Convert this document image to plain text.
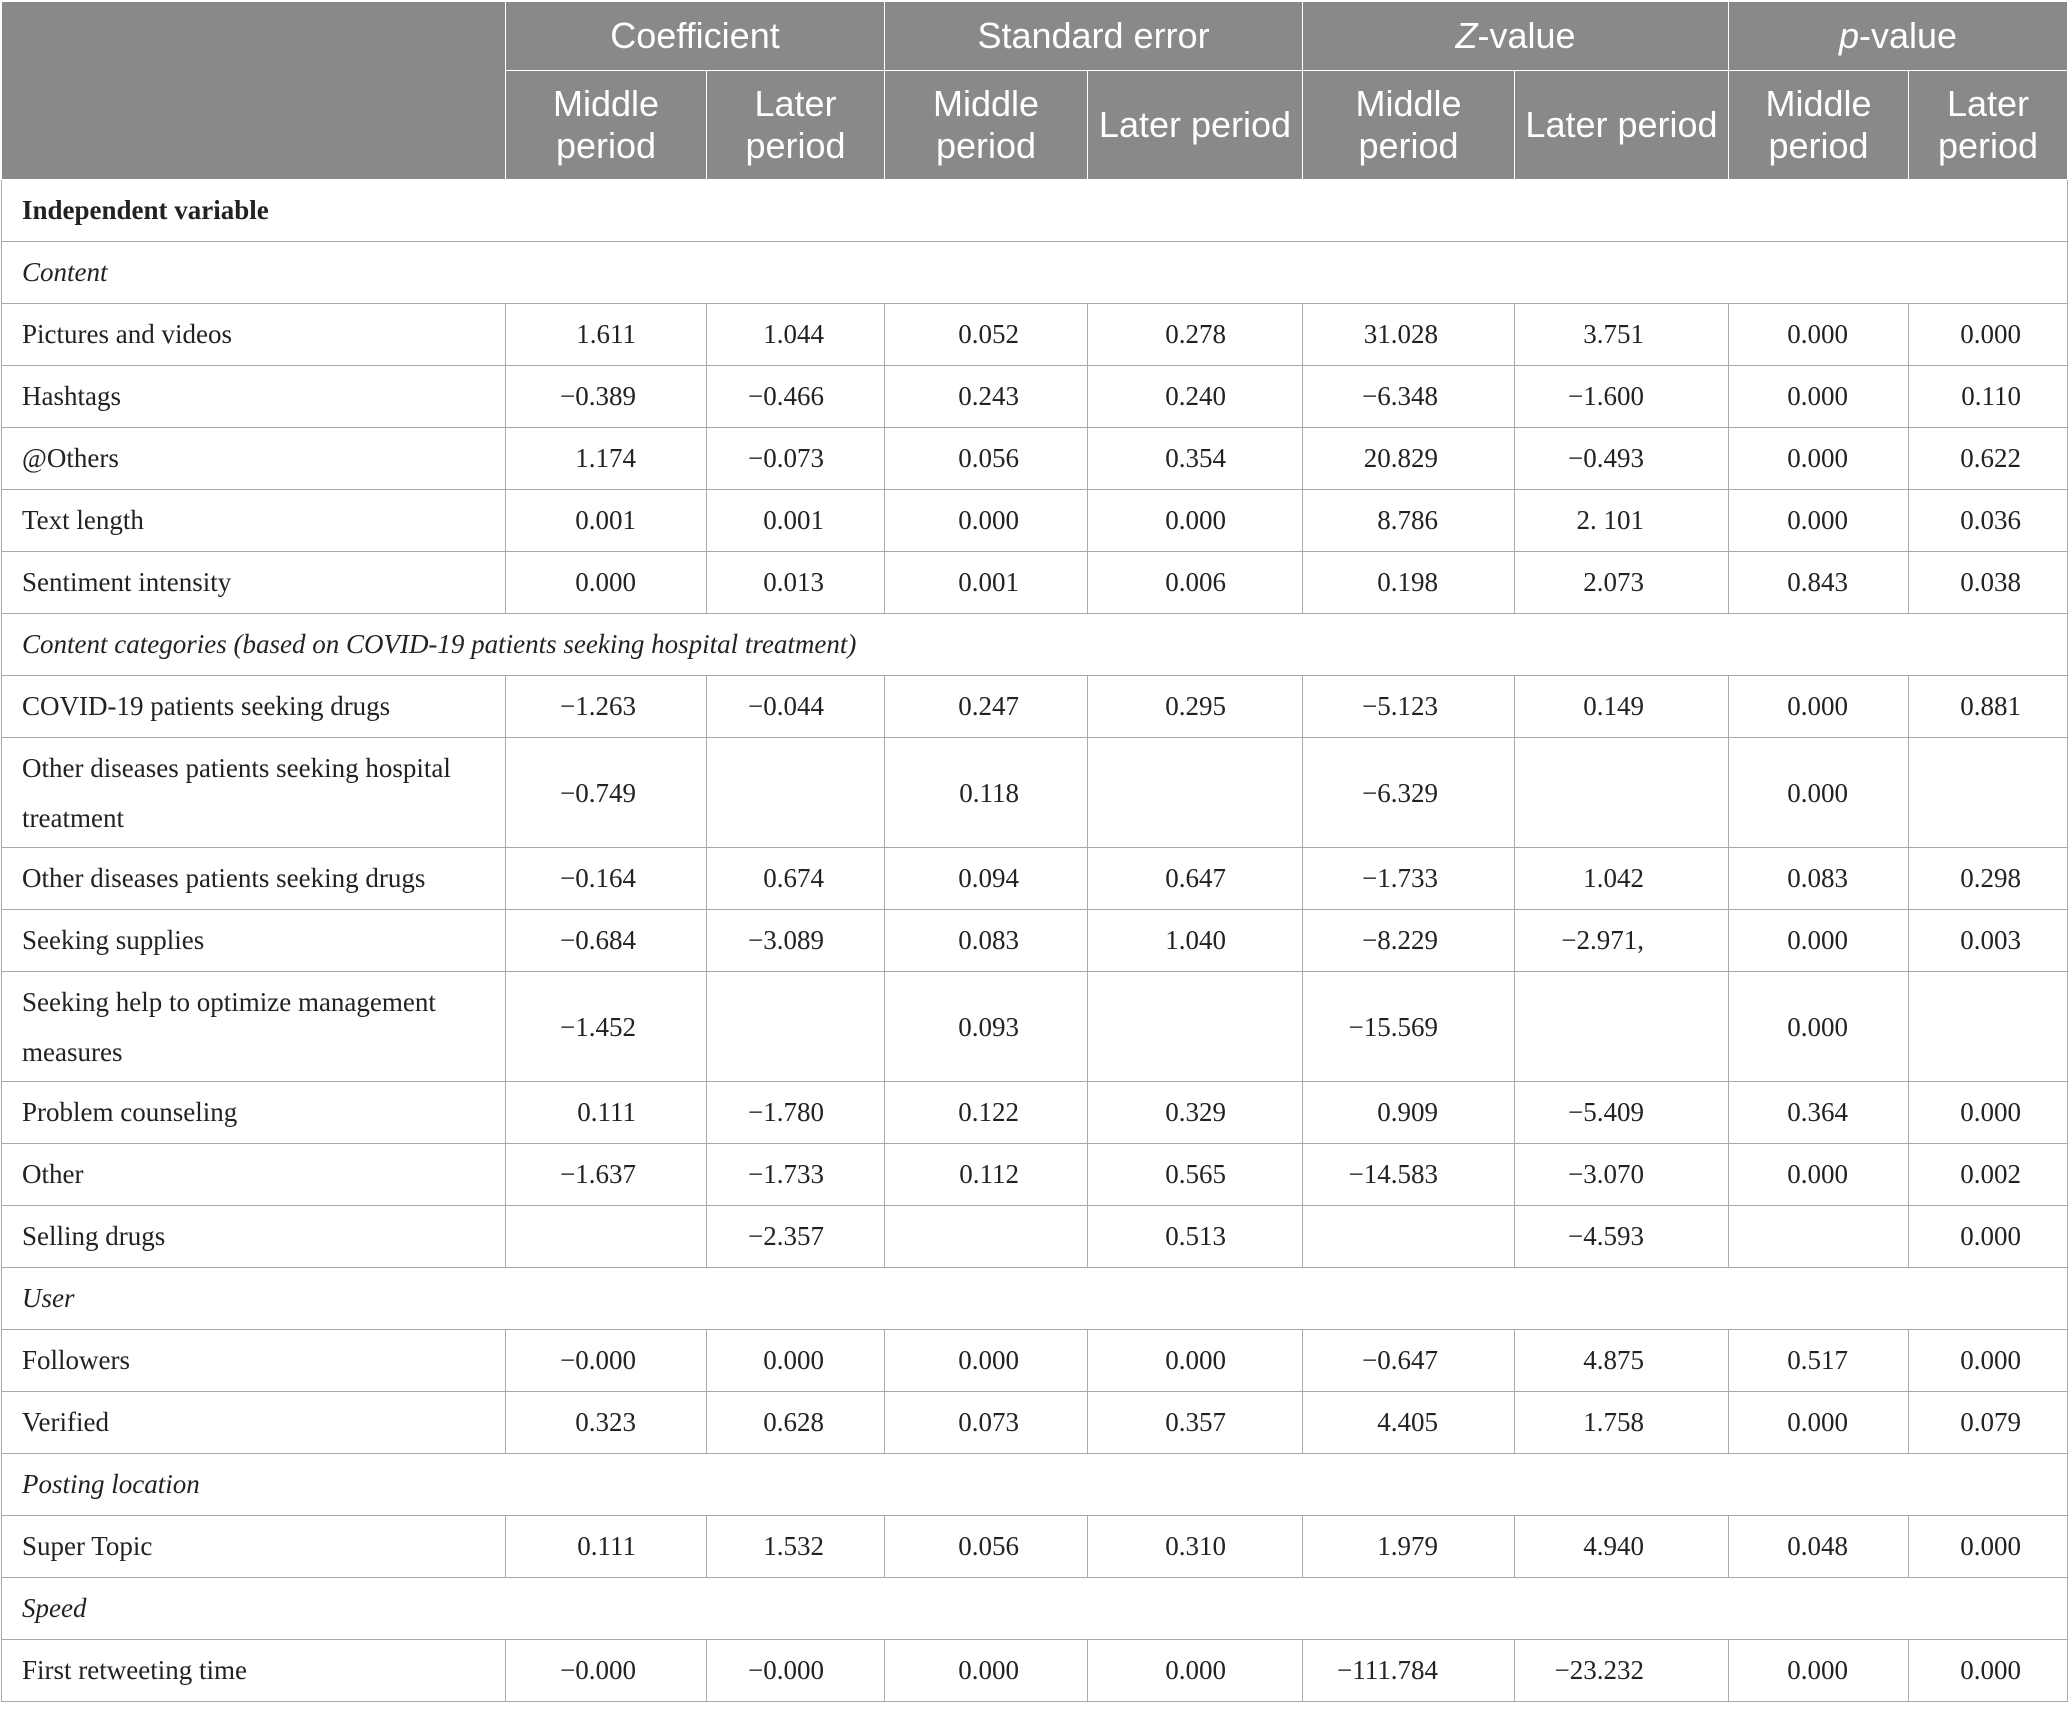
	Coefficient		Standard error		Z-value		p-value	
	Middle period	Later period	Middle period	Later period	Middle period	Later period	Middle period	Later period
Independent variable								
Content								
Pictures and videos	1.611	1.044	0.052	0.278	31.028	3.751	0.000	0.000
Hashtags	−0.389	−0.466	0.243	0.240	−6.348	−1.600	0.000	0.110
@Others	1.174	−0.073	0.056	0.354	20.829	−0.493	0.000	0.622
Text length	0.001	0.001	0.000	0.000	8.786	2. 101	0.000	0.036
Sentiment intensity	0.000	0.013	0.001	0.006	0.198	2.073	0.843	0.038
Content categories (based on COVID-19 patients seeking hospital treatment)								
COVID-19 patients seeking drugs	−1.263	−0.044	0.247	0.295	−5.123	0.149	0.000	0.881
Other diseases patients seeking hospital treatment	−0.749		0.118		−6.329		0.000	
Other diseases patients seeking drugs	−0.164	0.674	0.094	0.647	−1.733	1.042	0.083	0.298
Seeking supplies	−0.684	−3.089	0.083	1.040	−8.229	−2.971,	0.000	0.003
Seeking help to optimize management measures	−1.452		0.093		−15.569		0.000	
Problem counseling	0.111	−1.780	0.122	0.329	0.909	−5.409	0.364	0.000
Other	−1.637	−1.733	0.112	0.565	−14.583	−3.070	0.000	0.002
Selling drugs		−2.357		0.513		−4.593		0.000
User								
Followers	−0.000	0.000	0.000	0.000	−0.647	4.875	0.517	0.000
Verified	0.323	0.628	0.073	0.357	4.405	1.758	0.000	0.079
Posting location								
Super Topic	0.111	1.532	0.056	0.310	1.979	4.940	0.048	0.000
Speed								
First retweeting time	−0.000	−0.000	0.000	0.000	−111.784	−23.232	0.000	0.000
